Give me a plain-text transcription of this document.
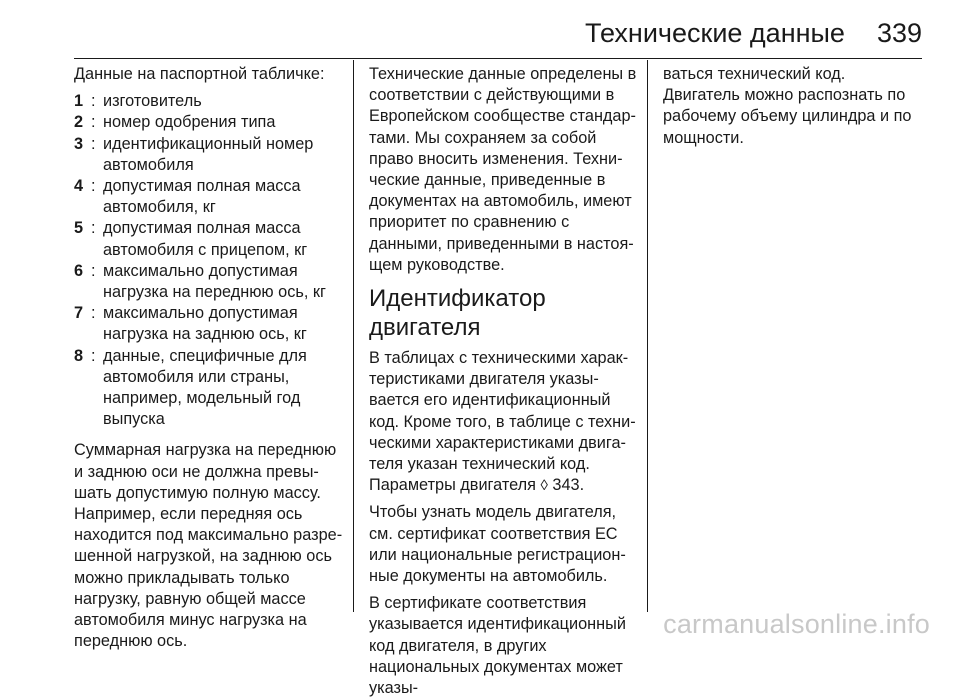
Технические данные 339

Данные на паспортной табличке:

1 : изготовитель
2 : номер одобрения типа
3 : идентификационный номер автомобиля
4 : допустимая полная масса автомобиля, кг
5 : допустимая полная масса автомобиля с прицепом, кг
6 : максимально допустимая нагрузка на переднюю ось, кг
7 : максимально допустимая нагрузка на заднюю ось, кг
8 : данные, специфичные для автомобиля или страны, например, модельный год выпуска

Суммарная нагрузка на переднюю и заднюю оси не должна превышать допустимую полную массу. Например, если передняя ось находится под максимально разрешенной нагрузкой, на заднюю ось можно прикладывать только нагрузку, равную общей массе автомобиля минус нагрузка на переднюю ось.

Технические данные определены в соответствии с действующими в Европейском сообществе стандартами. Мы сохраняем за собой право вносить изменения. Технические данные, приведенные в документах на автомобиль, имеют приоритет по сравнению с данными, приведенными в настоящем руководстве.

Идентификатор двигателя

В таблицах с техническими характеристиками двигателя указывается его идентификационный код. Кроме того, в таблице с техническими характеристиками двигателя указан технический код. Параметры двигателя ◊ 343.

Чтобы узнать модель двигателя, см. сертификат соответствия ЕС или национальные регистрационные документы на автомобиль.

В сертификате соответствия указывается идентификационный код двигателя, в других национальных документах может указы-

ваться технический код. Двигатель можно распознать по рабочему объему цилиндра и по мощности.

carmanualsonline.info
